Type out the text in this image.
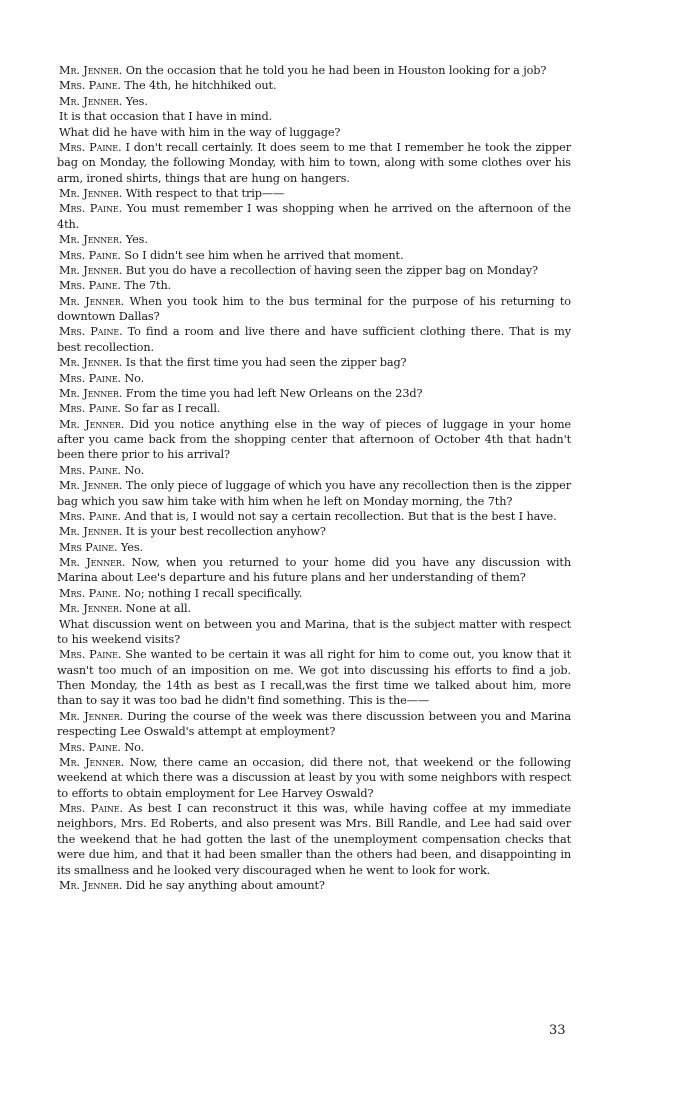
Mr. Jenner. On the occasion that he told you he had been in Houston looking for a job?

Mrs. Paine. The 4th, he hitchhiked out.

Mr. Jenner. Yes.

It is that occasion that I have in mind.

What did he have with him in the way of luggage?

Mrs. Paine. I don't recall certainly. It does seem to me that I remember he took the zipper bag on Monday, the following Monday, with him to town, along with some clothes over his arm, ironed shirts, things that are hung on hangers.

Mr. Jenner. With respect to that trip——

Mrs. Paine. You must remember I was shopping when he arrived on the afternoon of the 4th.

Mr. Jenner. Yes.

Mrs. Paine. So I didn't see him when he arrived that moment.

Mr. Jenner. But you do have a recollection of having seen the zipper bag on Monday?

Mrs. Paine. The 7th.

Mr. Jenner. When you took him to the bus terminal for the purpose of his returning to downtown Dallas?

Mrs. Paine. To find a room and live there and have sufficient clothing there. That is my best recollection.

Mr. Jenner. Is that the first time you had seen the zipper bag?

Mrs. Paine. No.

Mr. Jenner. From the time you had left New Orleans on the 23d?

Mrs. Paine. So far as I recall.

Mr. Jenner. Did you notice anything else in the way of pieces of luggage in your home after you came back from the shopping center that afternoon of October 4th that hadn't been there prior to his arrival?

Mrs. Paine. No.

Mr. Jenner. The only piece of luggage of which you have any recollection then is the zipper bag which you saw him take with him when he left on Monday morning, the 7th?

Mrs. Paine. And that is, I would not say a certain recollection. But that is the best I have.

Mr. Jenner. It is your best recollection anyhow?

Mrs Paine. Yes.

Mr. Jenner. Now, when you returned to your home did you have any discussion with Marina about Lee's departure and his future plans and her understanding of them?

Mrs. Paine. No; nothing I recall specifically.

Mr. Jenner. None at all.

What discussion went on between you and Marina, that is the subject matter with respect to his weekend visits?

Mrs. Paine. She wanted to be certain it was all right for him to come out, you know that it wasn't too much of an imposition on me. We got into discussing his efforts to find a job. Then Monday, the 14th as best as I recall,was the first time we talked about him, more than to say it was too bad he didn't find something. This is the——

Mr. Jenner. During the course of the week was there discussion between you and Marina respecting Lee Oswald's attempt at employment?

Mrs. Paine. No.

Mr. Jenner. Now, there came an occasion, did there not, that weekend or the following weekend at which there was a discussion at least by you with some neighbors with respect to efforts to obtain employment for Lee Harvey Oswald?

Mrs. Paine. As best I can reconstruct it this was, while having coffee at my immediate neighbors, Mrs. Ed Roberts, and also present was Mrs. Bill Randle, and Lee had said over the weekend that he had gotten the last of the unemployment compensation checks that were due him, and that it had been smaller than the others had been, and disappointing in its smallness and he looked very discouraged when he went to look for work.

Mr. Jenner. Did he say anything about amount?

33
